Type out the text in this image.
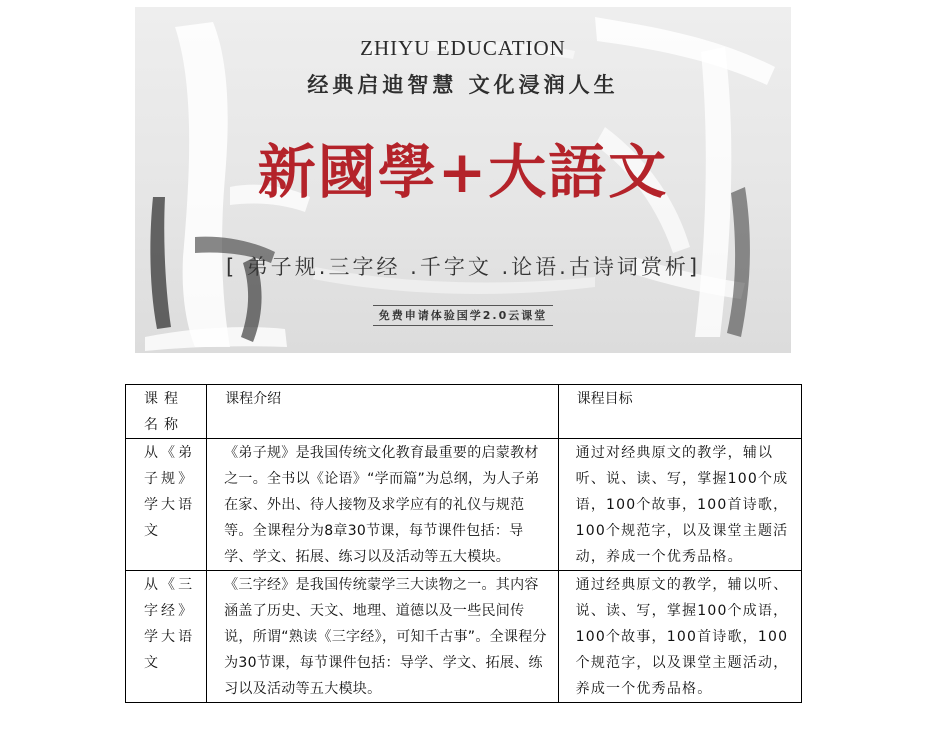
ZHIYU EDUCATION
经典启迪智慧 文化浸润人生
新國學+大語文
[ 弟子规.三字经 .千字文 .论语.古诗词赏析]
免费申请体验国学2.0云课堂
课程名称	课程介绍	课程目标
从《弟子规》学大语文	《弟子规》是我国传统文化教育最重要的启蒙教材之一。全书以《论语》“学而篇”为总纲，为人子弟在家、外出、待人接物及求学应有的礼仪与规范等。全课程分为8章30节课，每节课件包括：导学、学文、拓展、练习以及活动等五大模块。	通过对经典原文的教学，辅以听、说、读、写，掌握100个成语，100个故事，100首诗歌，100个规范字，以及课堂主题活动，养成一个优秀品格。
从《三字经》学大语文	《三字经》是我国传统蒙学三大读物之一。其内容涵盖了历史、天文、地理、道德以及一些民间传说，所谓“熟读《三字经》，可知千古事”。全课程分为30节课，每节课件包括：导学、学文、拓展、练习以及活动等五大模块。	通过经典原文的教学，辅以听、说、读、写，掌握100个成语，100个故事，100首诗歌，100个规范字，以及课堂主题活动，养成一个优秀品格。
